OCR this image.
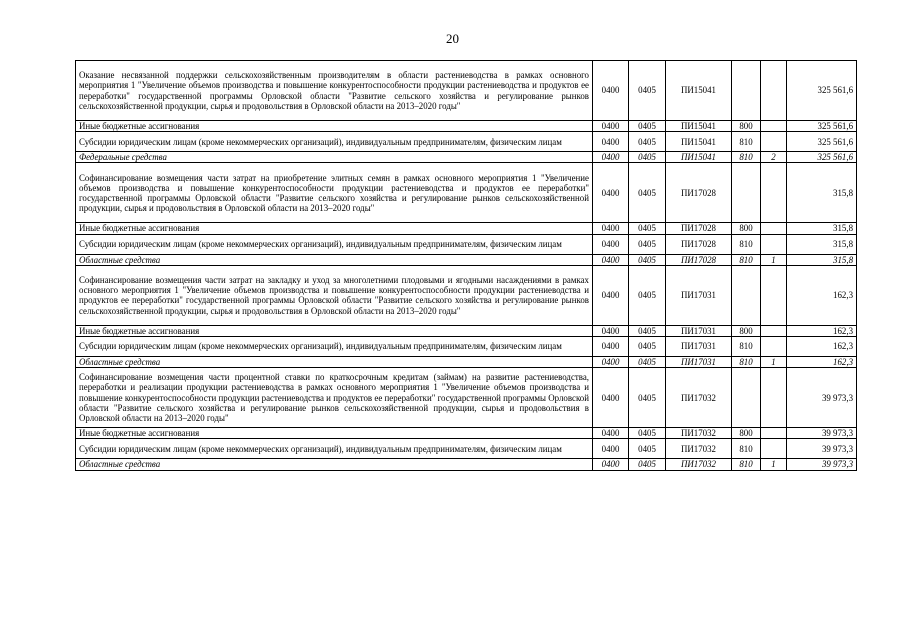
20
Оказание несвязанной поддержки сельскохозяйственным производителям в области растениеводства в рамках основного мероприятия 1 "Увеличение объемов производства и повышение конкурентоспособности продукции растениеводства и продуктов ее переработки" государственной программы Орловской области "Развитие сельского хозяйства и регулирование рынков сельскохозяйственной продукции, сырья и продовольствия в Орловской области на 2013–2020 годы"	0400	0405	ПИ15041			325 561,6
Иные бюджетные ассигнования	0400	0405	ПИ15041	800		325 561,6
Субсидии юридическим лицам (кроме некоммерческих организаций), индивидуальным предпринимателям, физическим лицам	0400	0405	ПИ15041	810		325 561,6
Федеральные средства	0400	0405	ПИ15041	810	2	325 561,6
Софинансирование возмещения части затрат на приобретение элитных семян в рамках основного мероприятия 1 "Увеличение объемов производства и повышение конкурентоспособности продукции растениеводства и продуктов ее переработки" государственной программы Орловской области "Развитие сельского хозяйства и регулирование рынков сельскохозяйственной продукции, сырья и продовольствия в Орловской области на 2013–2020 годы"	0400	0405	ПИ17028			315,8
Иные бюджетные ассигнования	0400	0405	ПИ17028	800		315,8
Субсидии юридическим лицам (кроме некоммерческих организаций), индивидуальным предпринимателям, физическим лицам	0400	0405	ПИ17028	810		315,8
Областные средства	0400	0405	ПИ17028	810	1	315,8
Софинансирование возмещения части затрат на закладку и уход за многолетними плодовыми и ягодными насаждениями в рамках основного мероприятия 1 "Увеличение объемов производства и повышение конкурентоспособности продукции растениеводства и продуктов ее переработки" государственной программы Орловской области "Развитие сельского хозяйства и регулирование рынков сельскохозяйственной продукции, сырья и продовольствия в Орловской области на 2013–2020 годы"	0400	0405	ПИ17031			162,3
Иные бюджетные ассигнования	0400	0405	ПИ17031	800		162,3
Субсидии юридическим лицам (кроме некоммерческих организаций), индивидуальным предпринимателям, физическим лицам	0400	0405	ПИ17031	810		162,3
Областные средства	0400	0405	ПИ17031	810	1	162,3
Софинансирование возмещения части процентной ставки по краткосрочным кредитам (займам) на развитие растениеводства, переработки и реализации продукции растениеводства в рамках основного мероприятия 1 "Увеличение объемов производства и повышение конкурентоспособности продукции растениеводства и продуктов ее переработки" государственной программы Орловской области "Развитие сельского хозяйства и регулирование рынков сельскохозяйственной продукции, сырья и продовольствия в Орловской области на 2013–2020 годы"	0400	0405	ПИ17032			39 973,3
Иные бюджетные ассигнования	0400	0405	ПИ17032	800		39 973,3
Субсидии юридическим лицам (кроме некоммерческих организаций), индивидуальным предпринимателям, физическим лицам	0400	0405	ПИ17032	810		39 973,3
Областные средства	0400	0405	ПИ17032	810	1	39 973,3
